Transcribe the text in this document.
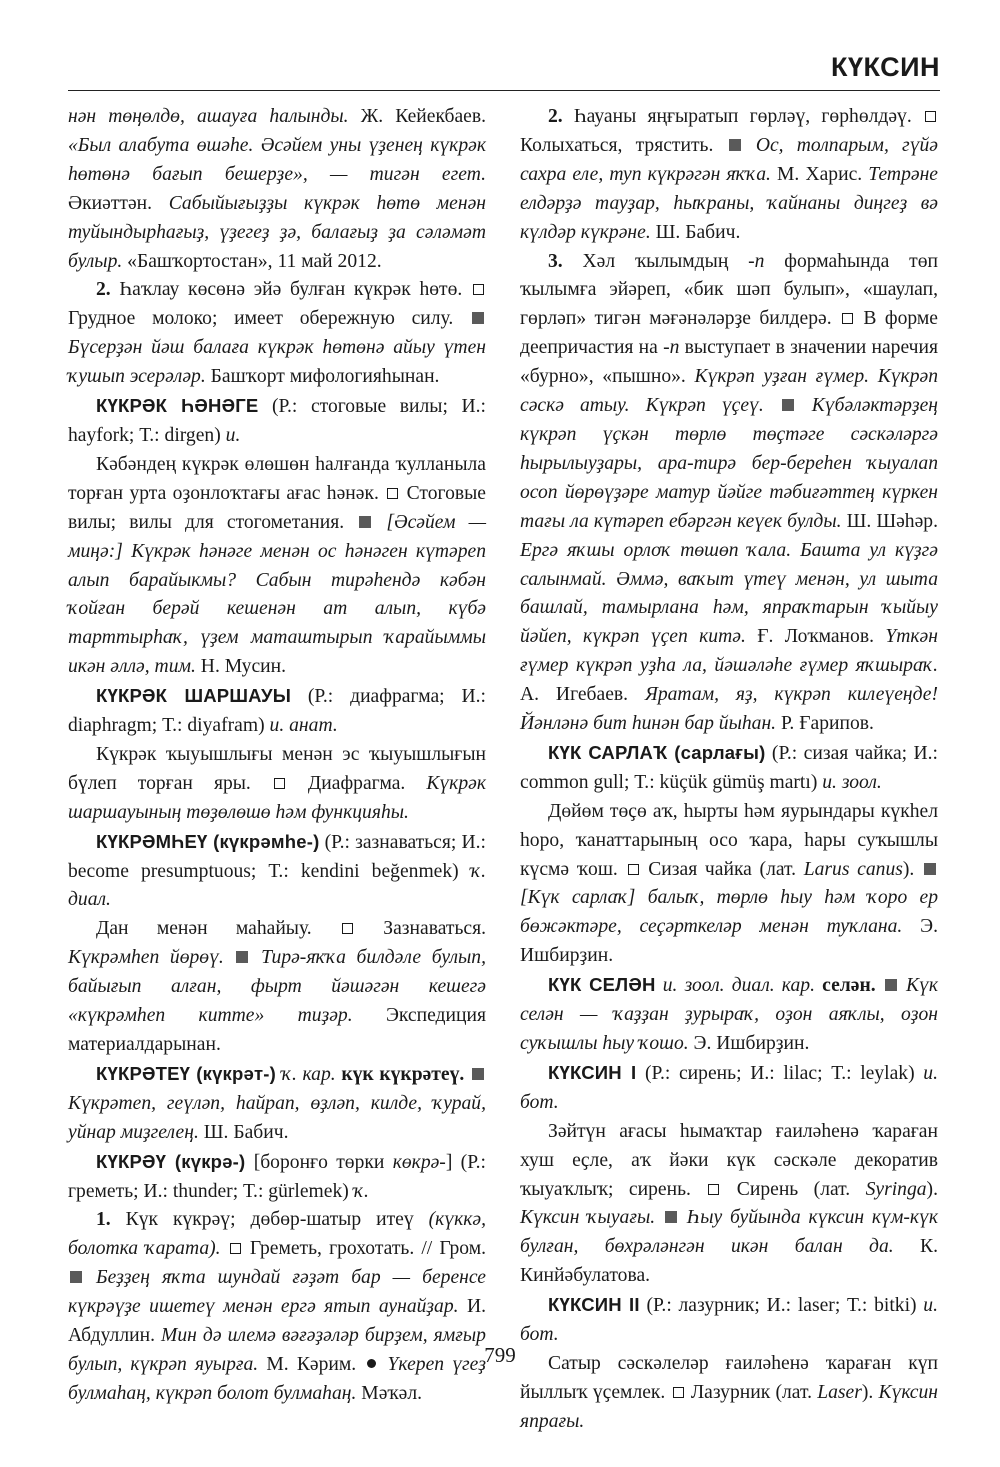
КҮКСИН

нән төңөлдө, ашауға һалынды. Ж. Кейекбаев. «Был алабута өшәһе. Әсәйем уны үҙенең күкрәк һөтөнә бағып бешерҙе», — тигән егет. Әкиәттән. Сабыйығыҙҙы күкрәк һөтө менән туйындырһағыҙ, үҙегеҙ ҙә, балағыҙ ҙа сәләмәт булыр. «Башҡортостан», 11 май 2012.

2. Һаҡлау көсөнә эйә булған күкрәк һөтө.  Грудное молоко; имеет обережную силу.  Бүсерҙән йәш балаға күкрәк һөтөнә айыу үтен ҡушып эсерәләр. Башҡорт мифологияһынан.

КҮКРӘК ҺӘНӘГЕ (Р.: стоговые вилы; И.: hayfork; Т.: dirgen) и.

Кәбәндең күкрәк өлөшөн һалғанда ҡулланыла торған урта оҙонлоҡтағы ағас һәнәк.  Стоговые вилы; вилы для стогометания.  [Әсәйем — миңә:] Күкрәк һәнәге менән ос һәнәген күтәреп алып барайыкмы? Сабын тирәһендә кәбән ҡойған берәй кешенән ат алып, күбә тарттырһаҡ, үҙем маташтырып ҡарайыммы икән әллә, тим. Н. Мусин.

КҮКРӘК ШАРШАУЫ (Р.: диафрагма; И.: diaphragm; Т.: diyafram) и. анат.

Күкрәк ҡыуышлығы менән эс ҡыуышлығын бүлеп торған яры.  Диафрагма. Күкрәк шаршауының төҙөлөшө һәм функцияһы.

КҮКРӘМҺЕҮ (күкрәмһе-) (Р.: зазнаваться; И.: become presumptuous; Т.: kendini beğenmek) ҡ. диал.

Дан менән маһайыу.  Зазнаваться. Күкрәмһеп йөрөү.  Тирә-яҡҡа билдәле булып, байығып алған, фырт йәшәгән кешегә «күкрәмһеп китте» тиҙәр. Экспедиция материалдарынан.

КҮКРӘТЕҮ (күкрәт-) ҡ. кар. күк күкрәтеү.  Күкрәтеп, геүләп, һайрап, өҙләп, килде, ҡурай, уйнар миҙгелең. Ш. Бабич.

КҮКРӘҮ (күкрә-) [боронғо төрки көкрә-] (Р.: греметь; И.: thunder; Т.: gürlemek) ҡ.

1. Күк күкрәү; дөбөр-шатыр итеү (күккә, болотка ҡарата).  Греметь, грохотать. // Гром.  Беҙҙең яҡта шундай ғәҙәт бар — беренсе күкрәүҙе ишетеү менән ергә ятып аунайҙар. И. Абдуллин. Мин дә илемә вәғәҙәләр бирҙем, ямғыр булып, күкрәп яуырға. М. Кәрим.  Үкереп үгеҙ булмаһаң, күкрәп болот булмаһаң. Мәҡәл.

2. Һауаны яңғыратып гөрләү, гөрһөлдәү.  Колыхаться, трястить.  Ос, толпарым, гүйә сахра еле, туп күкрәгән яҡҡа. М. Харис. Тетрәне елдәрҙә тауҙар, һыҡраны, ҡайнаны диңгеҙ вә күлдәр күкрәне. Ш. Бабич.

3. Хәл ҡылымдың -п формаһында төп ҡылымға эйәреп, «бик шәп булып», «шаулап, гөрләп» тигән мәғәнәләрҙе билдерә.  В форме деепричастия на -п выступает в значении наречия «бурно», «пышно». Күкрәп уҙған ғүмер. Күкрәп сәскә атыу. Күкрәп үҫеү. Күбәләктәрҙең күкрәп үҫкән төрлө төҫтәге сәскәләргә һырылыуҙары, ара-тирә бер-береһен ҡыуалап осоп йөрөүҙәре матур йәйге тәбиғәттең күркен тағы ла күтәреп ебәргән кеүек булды. Ш. Шәһәр. Ергә яҡшы орлоҡ төшөп ҡала. Башта ул күҙгә салынмай. Әммә, ваҡыт үтеү менән, ул шыта башлай, тамырлана һәм, япраҡтарын ҡыйыу йәйеп, күкрәп үҫеп китә. Ғ. Лоҡманов. Үткән ғүмер күкрәп уҙһа ла, йәшәләһе ғүмер яҡшыраҡ. А. Игебаев. Яратам, яҙ, күкрәп килеүеңде! Йәнләнә бит һинән бар йыһан. Р. Ғарипов.

КҮК САРЛАҠ (сарлағы) (Р.: сизая чайка; И.: common gull; Т.: küçük gümüş martı) и. зоол.

Дөйөм төҫө аҡ, һырты һәм яурындары күкһел һоро, ҡанаттарының осо ҡара, һары суҡышлы күсмә ҡош.  Сизая чайка (лат. Larus canus).  [Күк сарлаҡ] балыҡ, төрлө һыу һәм ҡоро ер бөжәктәре, сеҫәрткеләр менән туҡлана. Э. Ишбирҙин.

КҮК СЕЛӘН и. зоол. диал. кар. селән. Күк селән — ҡаҙҙан ҙурыраҡ, оҙон аяҡлы, оҙон суҡышлы һыу ҡошо. Э. Ишбирҙин.

КҮКСИН I (Р.: сирень; И.: lilac; Т.: leylak) и. бот.

Зәйтүн ағасы һымаҡтар ғаиләһенә ҡараған хуш еҫле, аҡ йәки күк сәскәле декоратив ҡыуаҡлыҡ; сирень.  Сирень (лат. Syringa). Күксин ҡыуағы. Һыу буйында күксин күм-күк булған, бөхрәләнгән икән балан да. К. Кинйәбулатова.

КҮКСИН II (Р.: лазурник; И.: laser; Т.: bitki) и. бот.

Сатыр сәскәлеләр ғаиләһенә ҡараған күп йыллыҡ үҫемлек.  Лазурник (лат. Laser). Күксин япрағы.

799
